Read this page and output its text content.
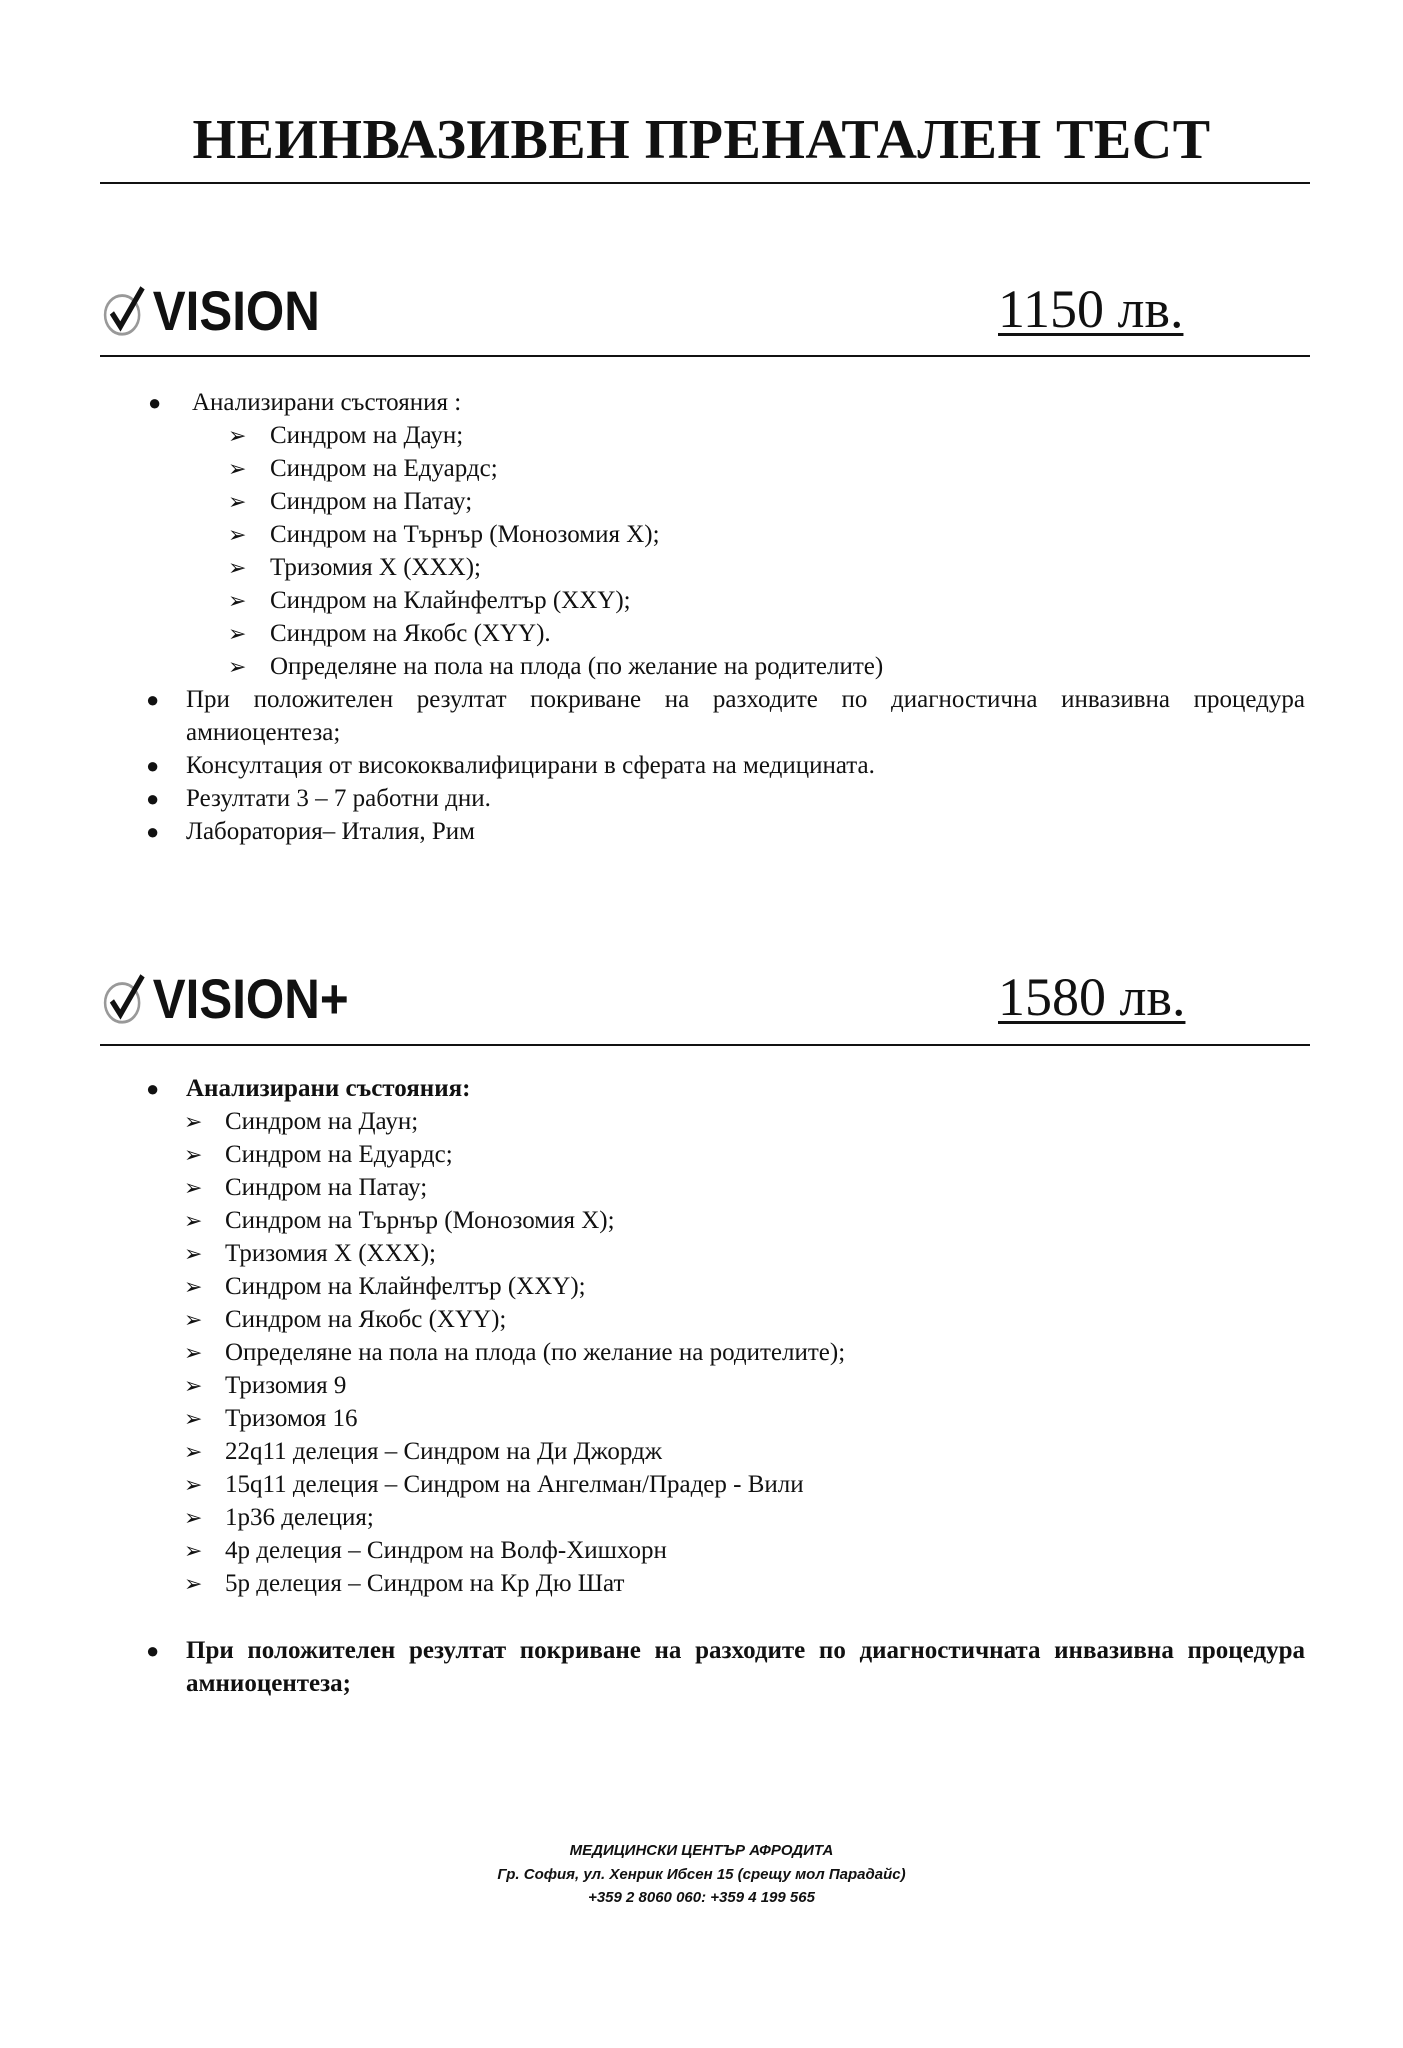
НЕИНВАЗИВЕН ПРЕНАТАЛЕН ТЕСТ
VISION	1150 лв.
● Анализирани състояния :
➢ Синдром на Даун;
➢ Синдром на Едуардс;
➢ Синдром на Патау;
➢ Синдром на Търнър (Монозомия X);
➢ Тризомия X (XXX);
➢ Синдром на Клайнфелтър (XXY);
➢ Синдром на Якобс (XYY).
➢ Определяне на пола на плода (по желание на родителите)
● При положителен резултат покриване на разходите по диагностична инвазивна процедура амниоцентеза;
● Консултация от висококвалифицирани в сферата на медицината.
● Резултати 3 – 7 работни дни.
● Лаборатория– Италия, Рим
VISION+	1580 лв.
● Анализирани състояния:
➢ Синдром на Даун;
➢ Синдром на Едуардс;
➢ Синдром на Патау;
➢ Синдром на Търнър (Монозомия X);
➢ Тризомия X (XXX);
➢ Синдром на Клайнфелтър (XXY);
➢ Синдром на Якобс (XYY);
➢ Определяне на пола на плода (по желание на родителите);
➢ Тризомия 9
➢ Тризомоя 16
➢ 22q11 делеция – Синдром на Ди Джордж
➢ 15q11 делеция – Синдром на Ангелман/Прадер - Вили
➢ 1p36 делеция;
➢ 4p делеция – Синдром на Волф-Хишхорн
➢ 5p делеция – Синдром на Кр Дю Шат
● При положителен резултат покриване на разходите по диагностичната инвазивна процедура амниоцентеза;
МЕДИЦИНСКИ ЦЕНТЪР АФРОДИТА
Гр. София, ул. Хенрик Ибсен 15 (срещу мол Парадайс)
+359 2 8060 060: +359 4 199 565
